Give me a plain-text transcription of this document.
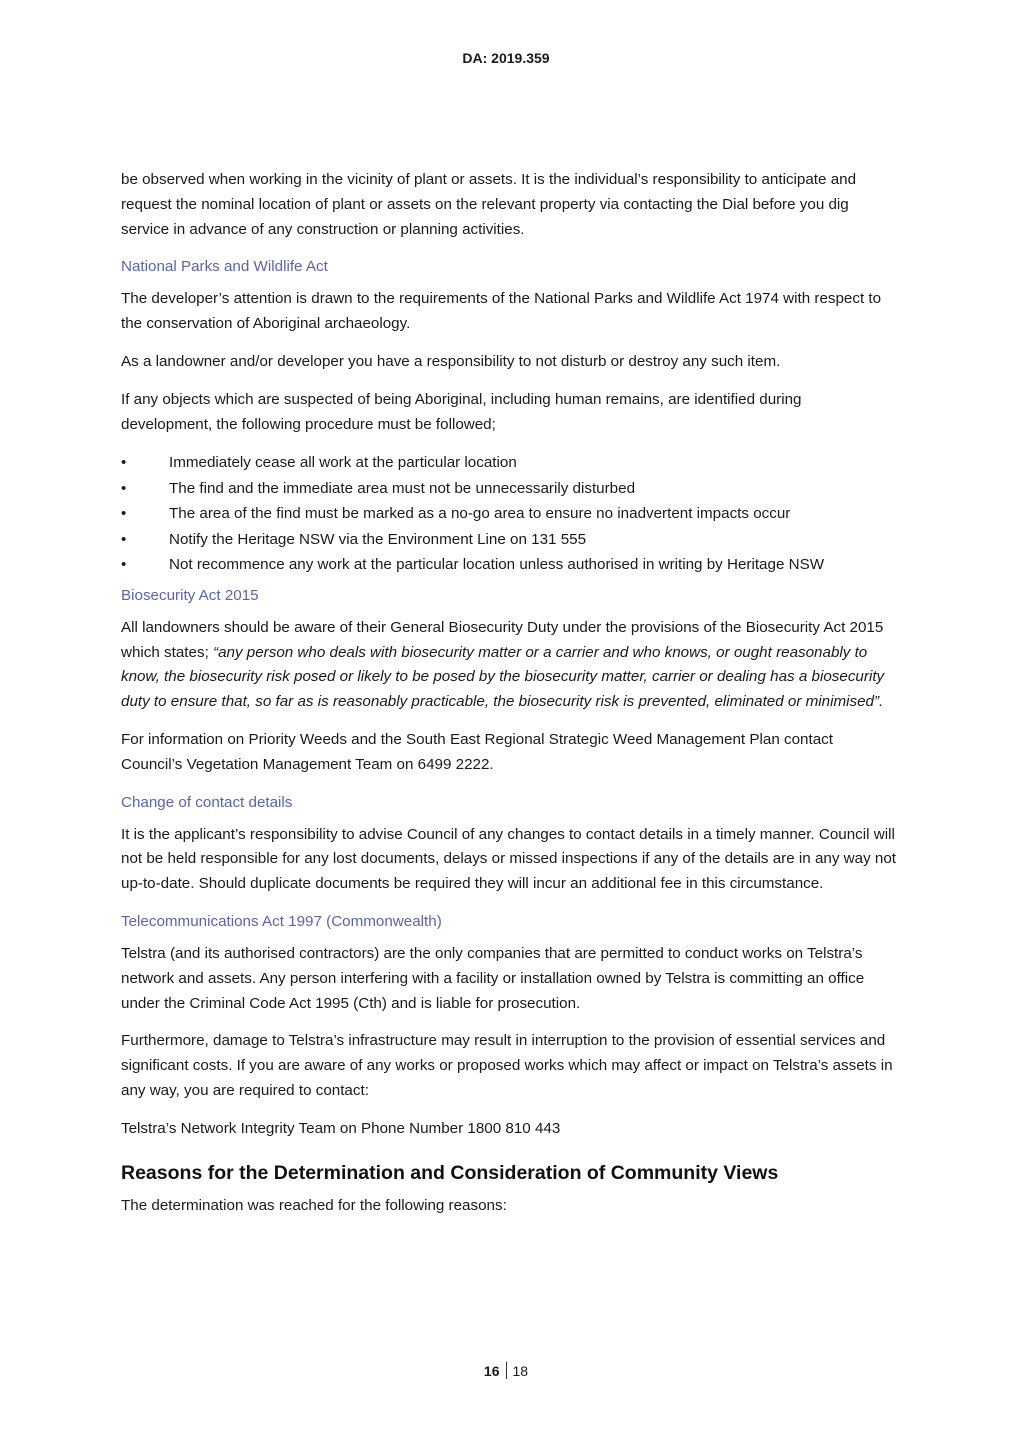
DA: 2019.359

be observed when working in the vicinity of plant or assets. It is the individual’s responsibility to anticipate and request the nominal location of plant or assets on the relevant property via contacting the Dial before you dig service in advance of any construction or planning activities.

National Parks and Wildlife Act

The developer’s attention is drawn to the requirements of the National Parks and Wildlife Act 1974 with respect to the conservation of Aboriginal archaeology.

As a landowner and/or developer you have a responsibility to not disturb or destroy any such item.

If any objects which are suspected of being Aboriginal, including human remains, are identified during development, the following procedure must be followed;

• Immediately cease all work at the particular location
• The find and the immediate area must not be unnecessarily disturbed
• The area of the find must be marked as a no-go area to ensure no inadvertent impacts occur
• Notify the Heritage NSW via the Environment Line on 131 555
• Not recommence any work at the particular location unless authorised in writing by Heritage NSW
Biosecurity Act 2015

All landowners should be aware of their General Biosecurity Duty under the provisions of the Biosecurity Act 2015 which states; “any person who deals with biosecurity matter or a carrier and who knows, or ought reasonably to know, the biosecurity risk posed or likely to be posed by the biosecurity matter, carrier or dealing has a biosecurity duty to ensure that, so far as is reasonably practicable, the biosecurity risk is prevented, eliminated or minimised”.

For information on Priority Weeds and the South East Regional Strategic Weed Management Plan contact Council’s Vegetation Management Team on 6499 2222.

Change of contact details

It is the applicant’s responsibility to advise Council of any changes to contact details in a timely manner. Council will not be held responsible for any lost documents, delays or missed inspections if any of the details are in any way not up-to-date. Should duplicate documents be required they will incur an additional fee in this circumstance.

Telecommunications Act 1997 (Commonwealth)

Telstra (and its authorised contractors) are the only companies that are permitted to conduct works on Telstra’s network and assets. Any person interfering with a facility or installation owned by Telstra is committing an office under the Criminal Code Act 1995 (Cth) and is liable for prosecution.

Furthermore, damage to Telstra’s infrastructure may result in interruption to the provision of essential services and significant costs. If you are aware of any works or proposed works which may affect or impact on Telstra’s assets in any way, you are required to contact:

Telstra’s Network Integrity Team on Phone Number 1800 810 443

Reasons for the Determination and Consideration of Community Views

The determination was reached for the following reasons:

16 18
